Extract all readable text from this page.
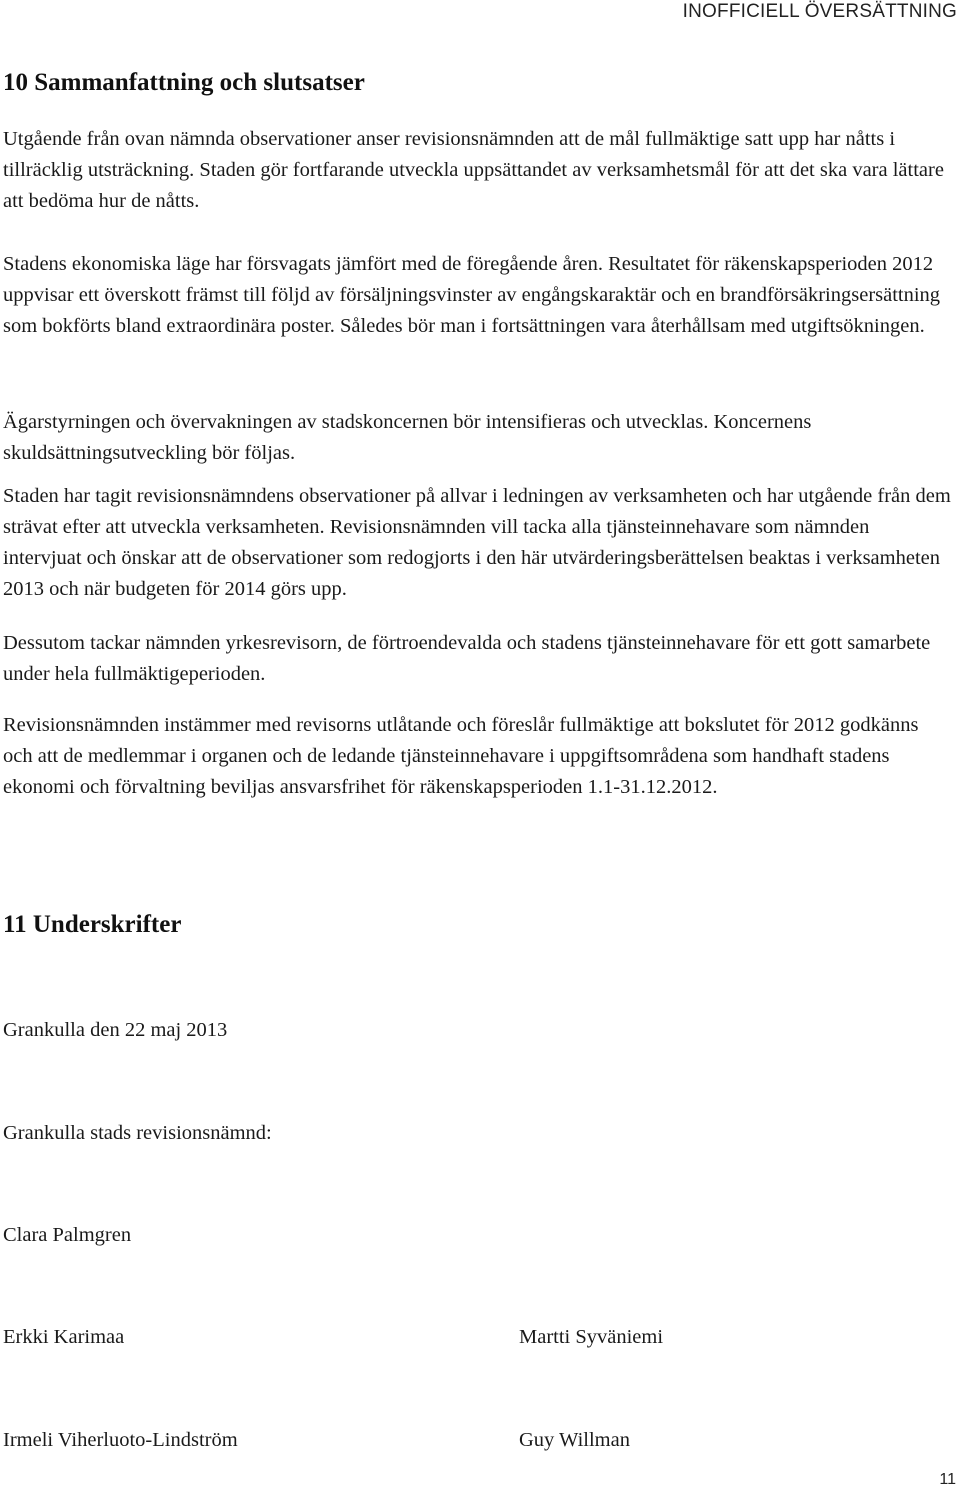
INOFFICIELL ÖVERSÄTTNING
10 Sammanfattning och slutsatser

Utgående från ovan nämnda observationer anser revisionsnämnden att de mål fullmäktige satt upp har nåtts i tillräcklig utsträckning. Staden gör fortfarande utveckla uppsättandet av verksamhetsmål för att det ska vara lättare att bedöma hur de nåtts.

Stadens ekonomiska läge har försvagats jämfört med de föregående åren. Resultatet för räkenskapsperioden 2012 uppvisar ett överskott främst till följd av försäljningsvinster av engångskaraktär och en brandförsäkringsersättning som bokförts bland extraordinära poster. Således bör man i fortsättningen vara återhållsam med utgiftsökningen.

Ägarstyrningen och övervakningen av stadskoncernen bör intensifieras och utvecklas. Koncernens skuldsättningsutveckling bör följas.

Staden har tagit revisionsnämndens observationer på allvar i ledningen av verksamheten och har utgående från dem strävat efter att utveckla verksamheten. Revisionsnämnden vill tacka alla tjänsteinnehavare som nämnden intervjuat och önskar att de observationer som redogjorts i den här utvärderingsberättelsen beaktas i verksamheten 2013 och när budgeten för 2014 görs upp.

Dessutom tackar nämnden yrkesrevisorn, de förtroendevalda och stadens tjänsteinnehavare för ett gott samarbete under hela fullmäktigeperioden.

Revisionsnämnden instämmer med revisorns utlåtande och föreslår fullmäktige att bokslutet för 2012 godkänns och att de medlemmar i organen och de ledande tjänsteinnehavare i uppgiftsområdena som handhaft stadens ekonomi och förvaltning beviljas ansvarsfrihet för räkenskapsperioden 1.1-31.12.2012.

11 Underskrifter

Grankulla den 22 maj 2013

Grankulla stads revisionsnämnd:

Clara Palmgren

Erkki Karimaa	Martti Syväniemi

Irmeli Viherluoto-Lindström	Guy Willman

11
